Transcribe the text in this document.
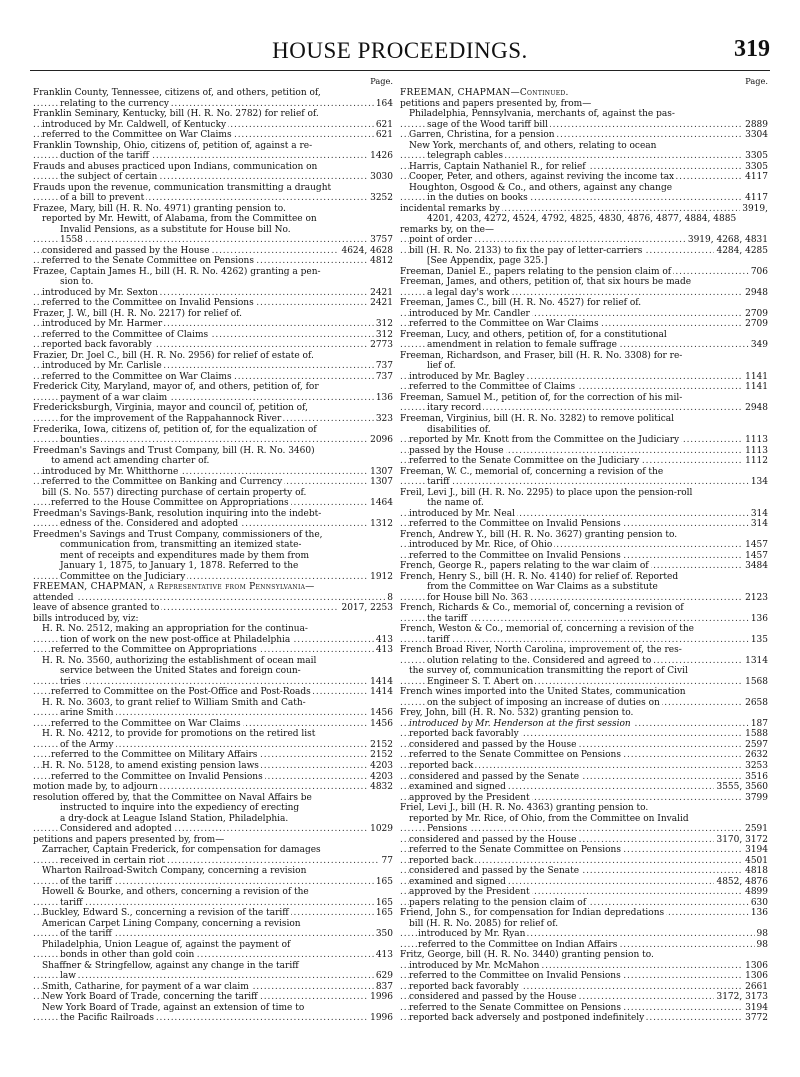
HOUSE PROCEEDINGS.	319
Page.
Franklin County, Tennessee, citizens of, and others, petition of,
. . . relating to the currency	164
Franklin Seminary, Kentucky, bill (H. R. No. 2782) for relief of.
. . . introduced by Mr. Caldwell, of Kentucky	621
. . . referred to the Committee on War Claims	621
Franklin Township, Ohio, citizens of, petition of, against a re-
. . . duction of the tariff	1426
Frauds and abuses practiced upon Indians, communication on
. . . the subject of certain	3030
Frauds upon the revenue, communication transmitting a draught
. . . of a bill to prevent	3252
Frazee, Mary, bill (H. R. No. 4971) granting pension to.
reported by Mr. Hewitt, of Alabama, from the Committee on
Invalid Pensions, as a substitute for House bill No.
. . . 1558	3757
. . . considered and passed by the House	4624, 4628
. . . referred to the Senate Committee on Pensions	4812
Frazee, Captain James H., bill (H. R. No. 4262) granting a pen-
sion to.
. . . introduced by Mr. Sexton	2421
. . . referred to the Committee on Invalid Pensions	2421
Frazer, J. W., bill (H. R. No. 2217) for relief of.
. . . introduced by Mr. Harmer	312
. . . referred to the Committee of Claims	312
. . . reported back favorably	2773
Frazier, Dr. Joel C., bill (H. R. No. 2956) for relief of estate of.
. . . introduced by Mr. Carlisle	737
. . . referred to the Committee on War Claims	737
Frederick City, Maryland, mayor of, and others, petition of, for
. . . payment of a war claim	136
Fredericksburgh, Virginia, mayor and council of, petition of,
. . . for the improvement of the Rappahannock River	323
Frederika, Iowa, citizens of, petition of, for the equalization of
. . . bounties	2096
Freedman's Savings and Trust Company, bill (H. R. No. 3460)
to amend act amending charter of.
. . . introduced by Mr. Whitthorne	1307
. . . referred to the Committee on Banking and Currency	1307
bill (S. No. 557) directing purchase of certain property of.
. . . referred to the House Committee on Appropriations	1464
Freedman's Savings-Bank, resolution inquiring into the indebt-
. . . edness of the. Considered and adopted	1312
Freedmen's Savings and Trust Company, commissioners of the,
communication from, transmitting an itemized state-
ment of receipts and expenditures made by them from
January 1, 1875, to January 1, 1878. Referred to the
. . . Committee on the Judiciary	1912
FREEMAN, CHAPMAN, a Representative from Pennsylvania—
. . . attended	8
. . . leave of absence granted to	2017, 2253
bills introduced by, viz:
H. R. No. 2512, making an appropriation for the continua-
. . . tion of work on the new post-office at Philadelphia	413
. . . referred to the Committee on Appropriations	413
H. R. No. 3560, authorizing the establishment of ocean mail
service between the United States and foreign coun-
. . . tries	1414
. . . referred to Committee on the Post-Office and Post-Roads	1414
H. R. No. 3603, to grant relief to William Smith and Cath-
. . . arine Smith	1456
. . . referred to the Committee on War Claims	1456
H. R. No. 4212, to provide for promotions on the retired list
. . . of the Army	2152
. . . referred to the Committee on Military Affairs	2152
. . . H. R. No. 5128, to amend existing pension laws	4203
. . . referred to the Committee on Invalid Pensions	4203
. . . motion made by, to adjourn	4832
resolution offered by, that the Committee on Naval Affairs be
instructed to inquire into the expediency of erecting
a dry-dock at League Island Station, Philadelphia.
. . . Considered and adopted	1029
petitions and papers presented by, from—
Zarracher, Captain Frederick, for compensation for damages
. . . received in certain riot	77
Wharton Railroad-Switch Company, concerning a revision
. . . of the tariff	165
Howell & Bourke, and others, concerning a revision of the
. . . tariff	165
. . . Buckley, Edward S., concerning a revision of the tariff	165
American Carpet Lining Company, concerning a revision
. . . of the tariff	350
Philadelphia, Union League of, against the payment of
. . . bonds in other than gold coin	413
Shaffner & Stringfellow, against any change in the tariff
. . . law	629
. . . Smith, Catharine, for payment of a war claim	837
. . . New York Board of Trade, concerning the tariff	1996
New York Board of Trade, against an extension of time to
. . . the Pacific Railroads	1996
Page.
FREEMAN, CHAPMAN—Continued.
petitions and papers presented by, from—
Philadelphia, Pennsylvania, merchants of, against the pas-
. . . sage of the Wood tariff bill	2889
. . . Garren, Christina, for a pension	3304
New York, merchants of, and others, relating to ocean
. . . telegraph cables	3305
. . . Harris, Captain Nathaniel R., for relief	3305
. . . Cooper, Peter, and others, against reviving the income tax	4117
Houghton, Osgood & Co., and others, against any change
. . . in the duties on books	4117
. . . incidental remarks by	3919,
4201, 4203, 4272, 4524, 4792, 4825, 4830, 4876, 4877, 4884, 4885
remarks by, on the—
. . . point of order	3919, 4268, 4831
. . . bill (H. R. No. 2133) to fix the pay of letter-carriers	4284, 4285
[See Appendix, page 325.]
. . . Freeman, Daniel E., papers relating to the pension claim of	706
Freeman, James, and others, petition of, that six hours be made
. . . a legal day's work	2948
Freeman, James C., bill (H. R. No. 4527) for relief of.
. . . introduced by Mr. Candler	2709
. . . referred to the Committee on War Claims	2709
Freeman, Lucy, and others, petition of, for a constitutional
. . . amendment in relation to female suffrage	349
Freeman, Richardson, and Fraser, bill (H. R. No. 3308) for re-
lief of.
. . . introduced by Mr. Bagley	1141
. . . referred to the Committee of Claims	1141
Freeman, Samuel M., petition of, for the correction of his mil-
. . . itary record	2948
Freeman, Virginius, bill (H. R. No. 3282) to remove political
disabilities of.
. . . reported by Mr. Knott from the Committee on the Judiciary	1113
. . . passed by the House	1113
. . . referred to the Senate Committee on the Judiciary	1112
Freeman, W. C., memorial of, concerning a revision of the
. . . tariff	134
Freil, Levi J., bill (H. R. No. 2295) to place upon the pension-roll
the name of.
. . . introduced by Mr. Neal	314
. . . referred to the Committee on Invalid Pensions	314
French, Andrew Y., bill (H. R. No. 3627) granting pension to.
. . . introduced by Mr. Rice, of Ohio	1457
. . . referred to the Committee on Invalid Pensions	1457
. . . French, George R., papers relating to the war claim of	3484
French, Henry S., bill (H. R. No. 4140) for relief of. Reported
from the Committee on War Claims as a substitute
. . . for House bill No. 363	2123
French, Richards & Co., memorial of, concerning a revision of
. . . the tariff	136
French, Weston & Co., memorial of, concerning a revision of the
. . . tariff	135
French Broad River, North Carolina, improvement of, the res-
. . . olution relating to the. Considered and agreed to	1314
the survey of, communication transmitting the report of Civil
. . . Engineer S. T. Abert on	1568
French wines imported into the United States, communication
. . . on the subject of imposing an increase of duties on	2658
Frey, John, bill (H. R. No. 532) granting pension to.
. . . introduced by Mr. Henderson at the first session	187
. . . reported back favorably	1588
. . . considered and passed by the House	2597
. . . referred to the Senate Committee on Pensions	2632
. . . reported back	3253
. . . considered and passed by the Senate	3516
. . . examined and signed	3555, 3560
. . . approved by the President	3799
Friel, Levi J., bill (H. R. No. 4363) granting pension to.
reported by Mr. Rice, of Ohio, from the Committee on Invalid
. . . Pensions	2591
. . . considered and passed by the House	3170, 3172
. . . referred to the Senate Committee on Pensions	3194
. . . reported back	4501
. . . considered and passed by the Senate	4818
. . . examined and signed	4852, 4876
. . . approved by the President	4899
. . . papers relating to the pension claim of	630
. . . Friend, John S., for compensation for Indian depredations	136
bill (H. R. No. 2085) for relief of.
. . . introduced by Mr. Ryan	98
. . . referred to the Committee on Indian Affairs	98
Fritz, George, bill (H. R. No. 3440) granting pension to.
. . . introduced by Mr. McMahon	1306
. . . referred to the Committee on Invalid Pensions	1306
. . . reported back favorably	2661
. . . considered and passed by the House	3172, 3173
. . . referred to the Senate Committee on Pensions	3194
. . . reported back adversely and postponed indefinitely	3772
